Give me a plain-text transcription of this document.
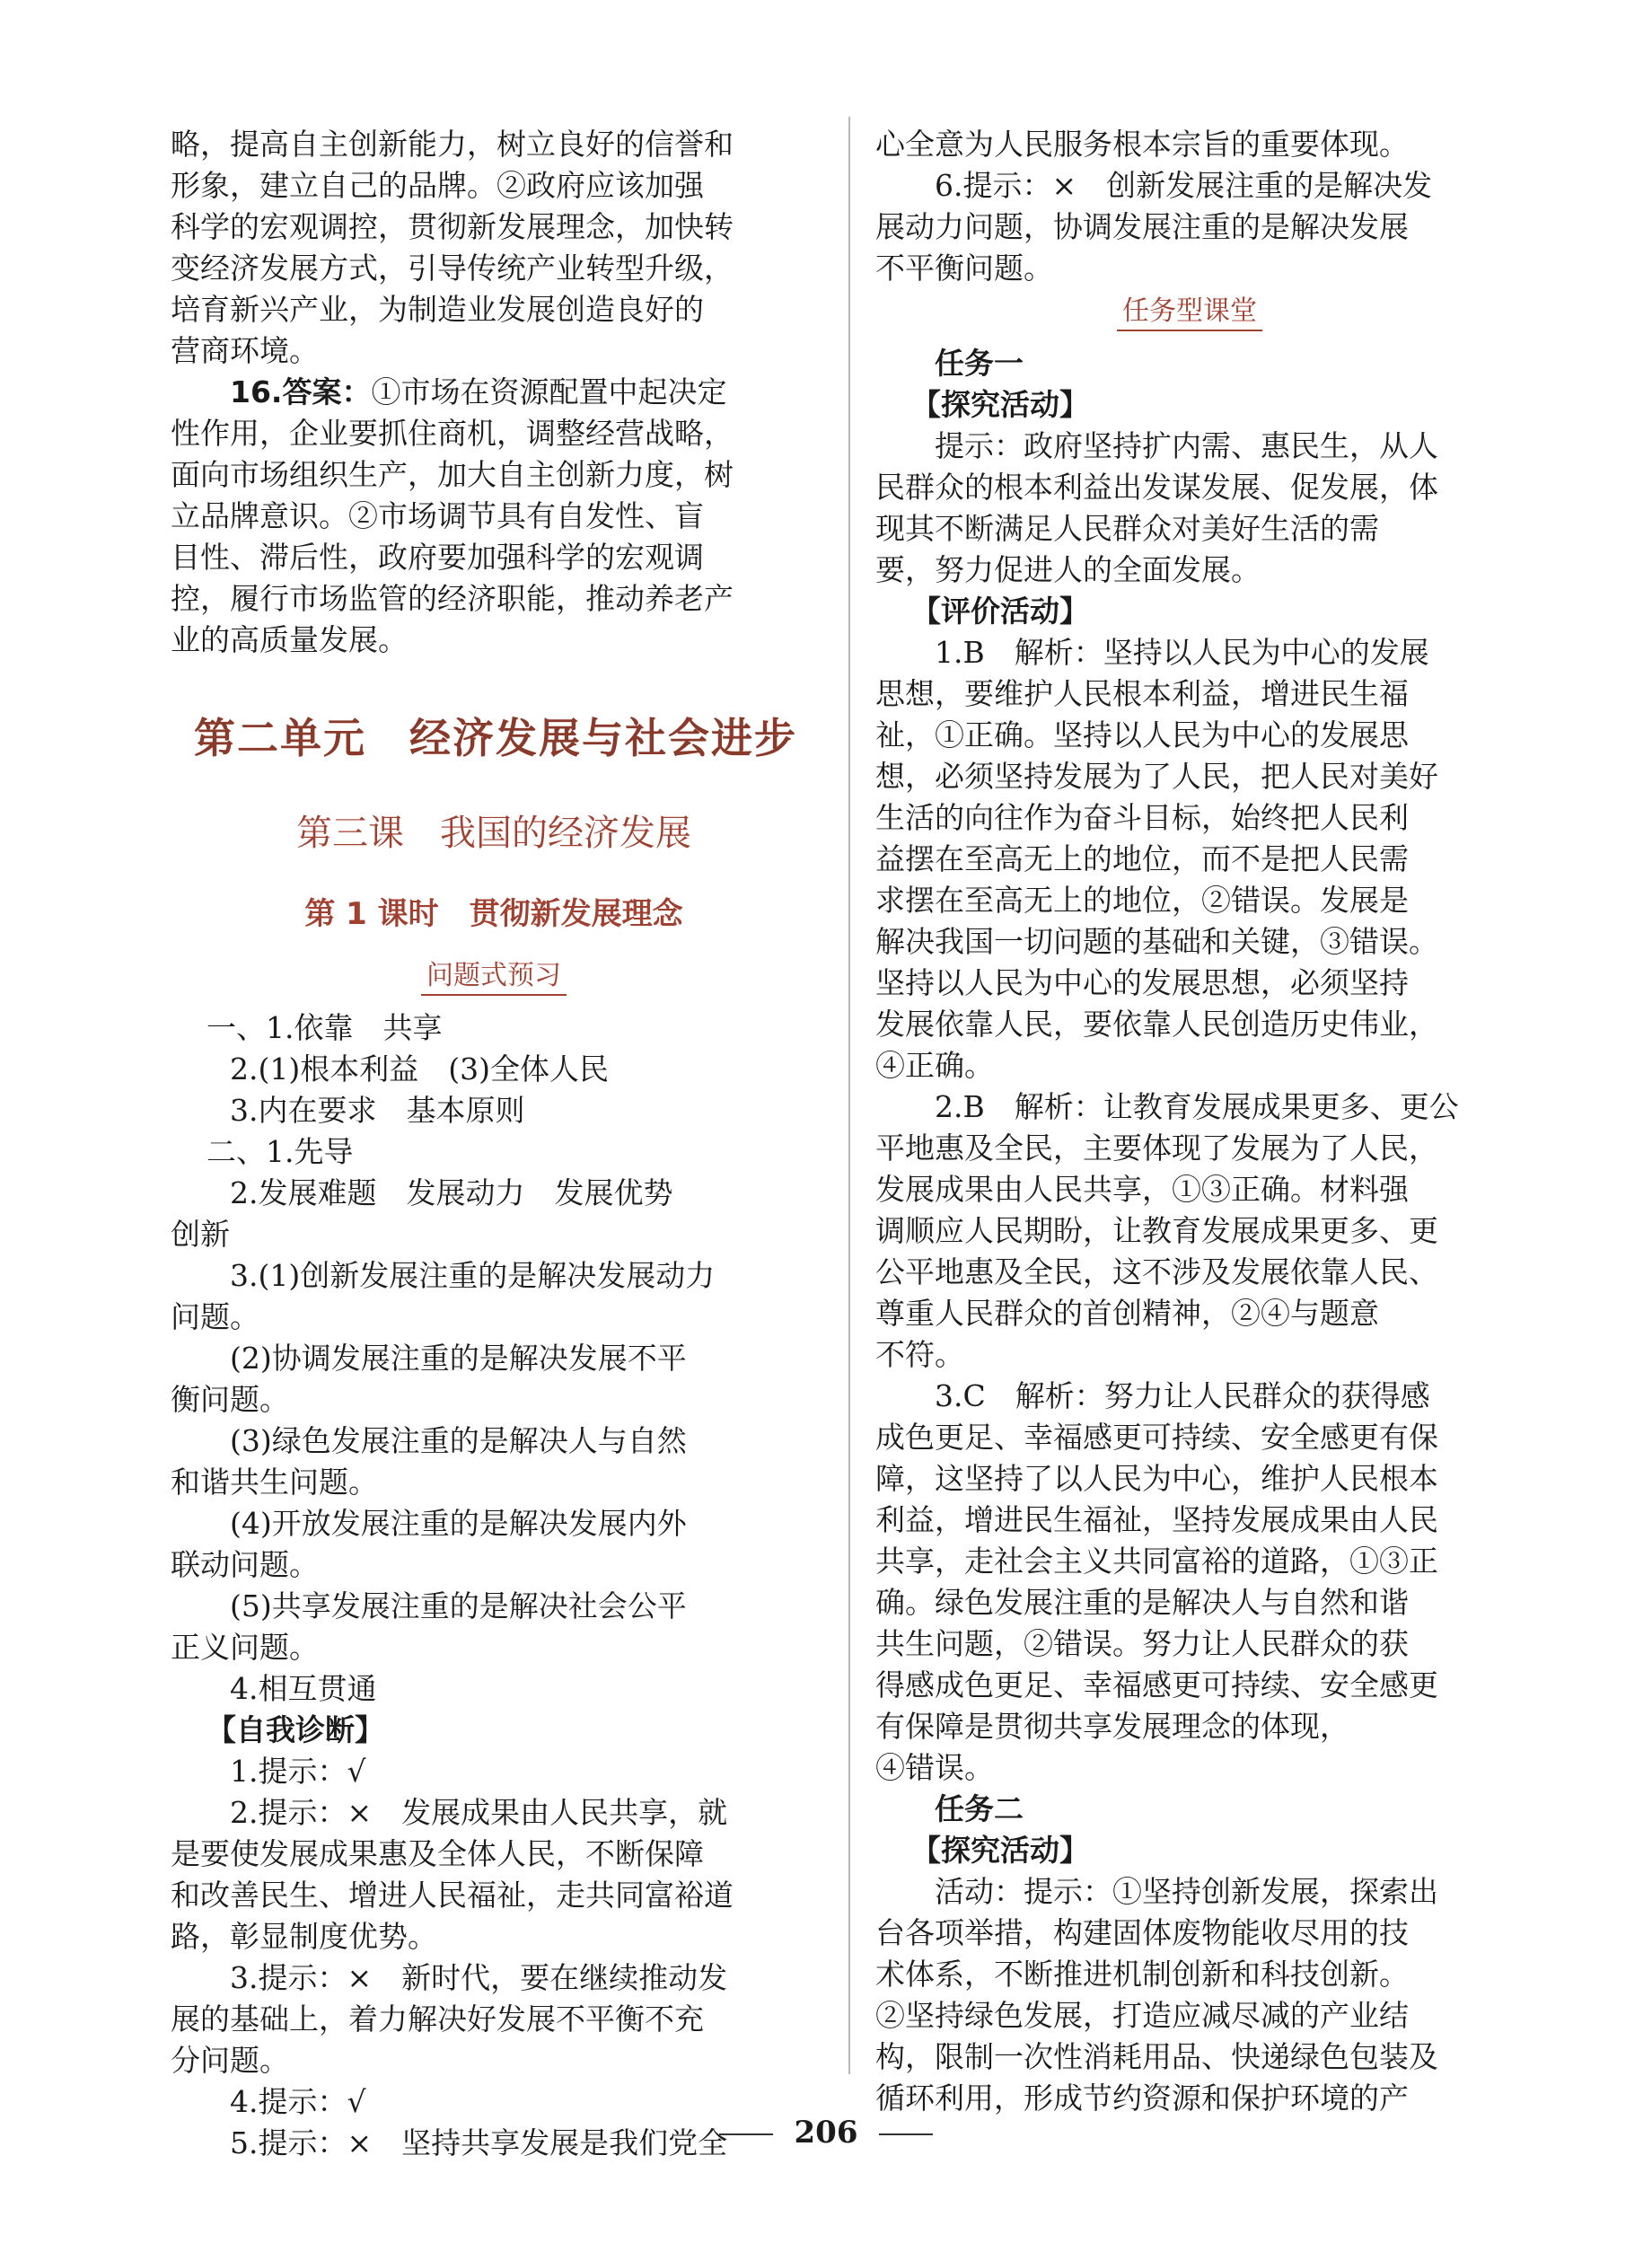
略，提高自主创新能力，树立良好的信誉和
形象，建立自己的品牌。②政府应该加强
科学的宏观调控，贯彻新发展理念，加快转
变经济发展方式，引导传统产业转型升级，
培育新兴产业，为制造业发展创造良好的
营商环境。
16.答案：①市场在资源配置中起决定
性作用，企业要抓住商机，调整经营战略，
面向市场组织生产，加大自主创新力度，树
立品牌意识。②市场调节具有自发性、盲
目性、滞后性，政府要加强科学的宏观调
控，履行市场监管的经济职能，推动养老产
业的高质量发展。
第二单元　经济发展与社会进步
第三课　我国的经济发展
第 1 课时　贯彻新发展理念
问题式预习
一、1.依靠　共享
2.(1)根本利益　(3)全体人民
3.内在要求　基本原则
二、1.先导
2.发展难题　发展动力　发展优势
创新
3.(1)创新发展注重的是解决发展动力
问题。
(2)协调发展注重的是解决发展不平
衡问题。
(3)绿色发展注重的是解决人与自然
和谐共生问题。
(4)开放发展注重的是解决发展内外
联动问题。
(5)共享发展注重的是解决社会公平
正义问题。
4.相互贯通
【自我诊断】
1.提示：√
2.提示：×　发展成果由人民共享，就
是要使发展成果惠及全体人民，不断保障
和改善民生、增进人民福祉，走共同富裕道
路，彰显制度优势。
3.提示：×　新时代，要在继续推动发
展的基础上，着力解决好发展不平衡不充
分问题。
4.提示：√
5.提示：×　坚持共享发展是我们党全
心全意为人民服务根本宗旨的重要体现。
6.提示：×　创新发展注重的是解决发
展动力问题，协调发展注重的是解决发展
不平衡问题。
任务型课堂
任务一
【探究活动】
提示：政府坚持扩内需、惠民生，从人
民群众的根本利益出发谋发展、促发展，体
现其不断满足人民群众对美好生活的需
要，努力促进人的全面发展。
【评价活动】
1.B　解析：坚持以人民为中心的发展
思想，要维护人民根本利益，增进民生福
祉，①正确。坚持以人民为中心的发展思
想，必须坚持发展为了人民，把人民对美好
生活的向往作为奋斗目标，始终把人民利
益摆在至高无上的地位，而不是把人民需
求摆在至高无上的地位，②错误。发展是
解决我国一切问题的基础和关键，③错误。
坚持以人民为中心的发展思想，必须坚持
发展依靠人民，要依靠人民创造历史伟业，
④正确。
2.B　解析：让教育发展成果更多、更公
平地惠及全民，主要体现了发展为了人民，
发展成果由人民共享，①③正确。材料强
调顺应人民期盼，让教育发展成果更多、更
公平地惠及全民，这不涉及发展依靠人民、
尊重人民群众的首创精神，②④与题意
不符。
3.C　解析：努力让人民群众的获得感
成色更足、幸福感更可持续、安全感更有保
障，这坚持了以人民为中心，维护人民根本
利益，增进民生福祉，坚持发展成果由人民
共享，走社会主义共同富裕的道路，①③正
确。绿色发展注重的是解决人与自然和谐
共生问题，②错误。努力让人民群众的获
得感成色更足、幸福感更可持续、安全感更
有保障是贯彻共享发展理念的体现，
④错误。
任务二
【探究活动】
活动：提示：①坚持创新发展，探索出
台各项举措，构建固体废物能收尽用的技
术体系，不断推进机制创新和科技创新。
②坚持绿色发展，打造应减尽减的产业结
构，限制一次性消耗用品、快递绿色包装及
循环利用，形成节约资源和保护环境的产
206
